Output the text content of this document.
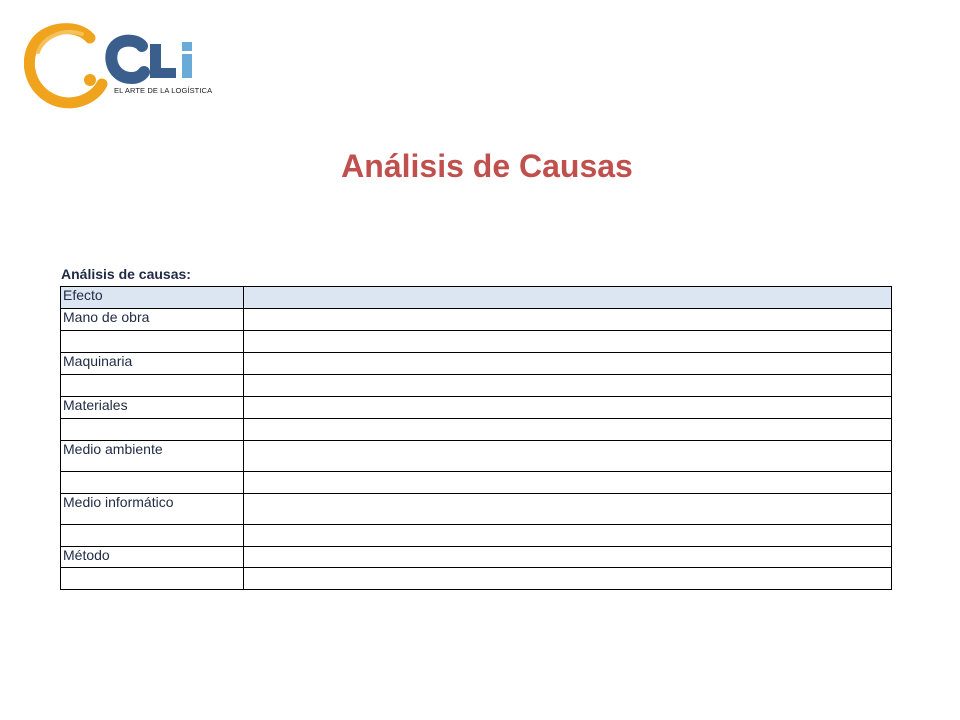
EL ARTE DE LA LOGÍSTICA
Análisis de Causas
Análisis de causas:
Efecto	
Mano de obra	

Maquinaria	

Materiales	

Medio ambiente	

Medio informático	

Método	
